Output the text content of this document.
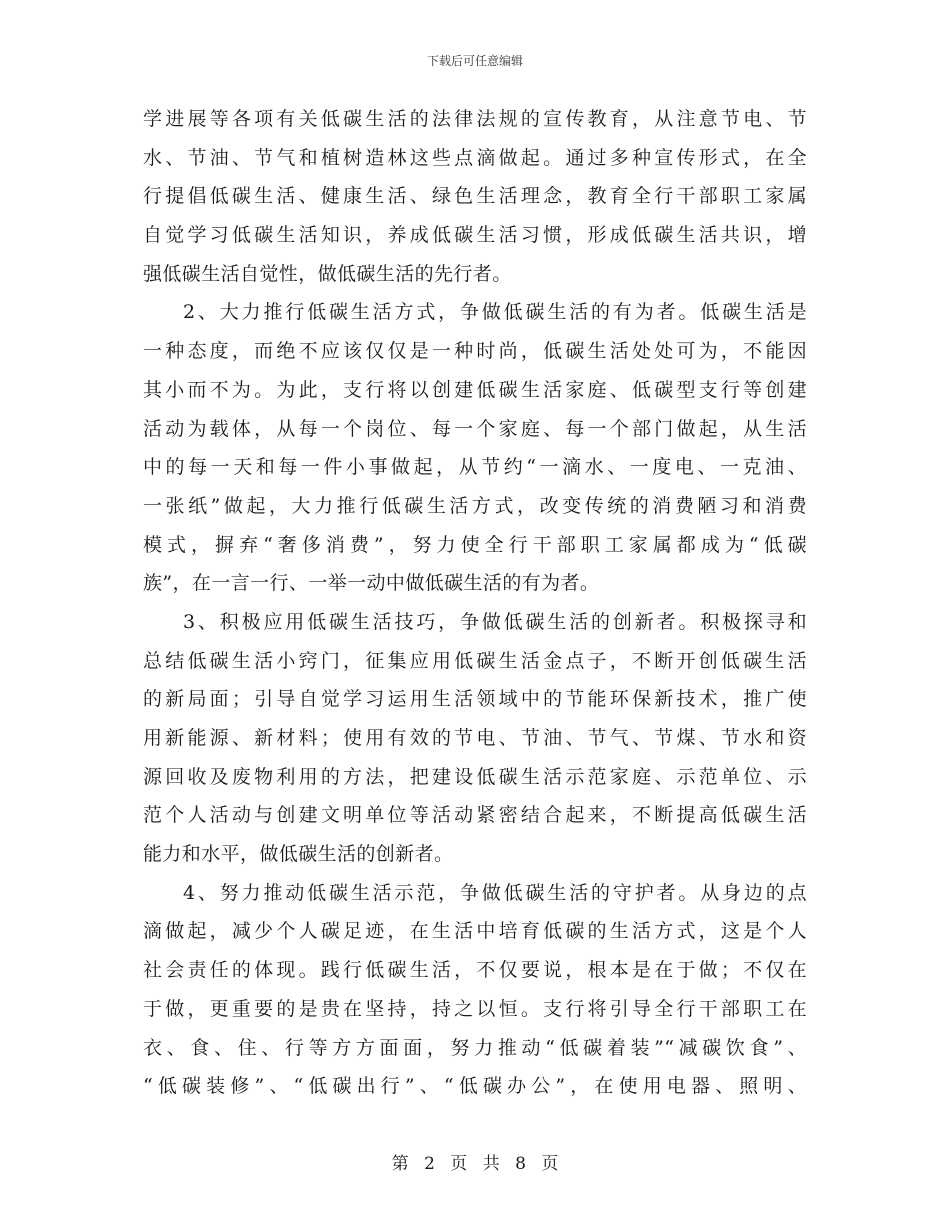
下载后可任意编辑
学进展等各项有关低碳生活的法律法规的宣传教育，从注意节电、节
水、节油、节气和植树造林这些点滴做起。通过多种宣传形式，在全
行提倡低碳生活、健康生活、绿色生活理念，教育全行干部职工家属
自觉学习低碳生活知识，养成低碳生活习惯，形成低碳生活共识，增
强低碳生活自觉性，做低碳生活的先行者。
2、大力推行低碳生活方式，争做低碳生活的有为者。低碳生活是
一种态度，而绝不应该仅仅是一种时尚，低碳生活处处可为，不能因
其小而不为。为此，支行将以创建低碳生活家庭、低碳型支行等创建
活动为载体，从每一个岗位、每一个家庭、每一个部门做起，从生活
中的每一天和每一件小事做起，从节约“一滴水、一度电、一克油、
一张纸”做起，大力推行低碳生活方式，改变传统的消费陋习和消费
模式，摒弃“奢侈消费”，努力使全行干部职工家属都成为“低碳
族”，在一言一行、一举一动中做低碳生活的有为者。
3、积极应用低碳生活技巧，争做低碳生活的创新者。积极探寻和
总结低碳生活小窍门，征集应用低碳生活金点子，不断开创低碳生活
的新局面；引导自觉学习运用生活领域中的节能环保新技术，推广使
用新能源、新材料；使用有效的节电、节油、节气、节煤、节水和资
源回收及废物利用的方法，把建设低碳生活示范家庭、示范单位、示
范个人活动与创建文明单位等活动紧密结合起来，不断提高低碳生活
能力和水平，做低碳生活的创新者。
4、努力推动低碳生活示范，争做低碳生活的守护者。从身边的点
滴做起，减少个人碳足迹，在生活中培育低碳的生活方式，这是个人
社会责任的体现。践行低碳生活，不仅要说，根本是在于做；不仅在
于做，更重要的是贵在坚持，持之以恒。支行将引导全行干部职工在
衣、食、住、行等方方面面，努力推动“低碳着装”“减碳饮食”、
“低碳装修”、“低碳出行”、“低碳办公”，在使用电器、照明、
第 2 页 共 8 页
